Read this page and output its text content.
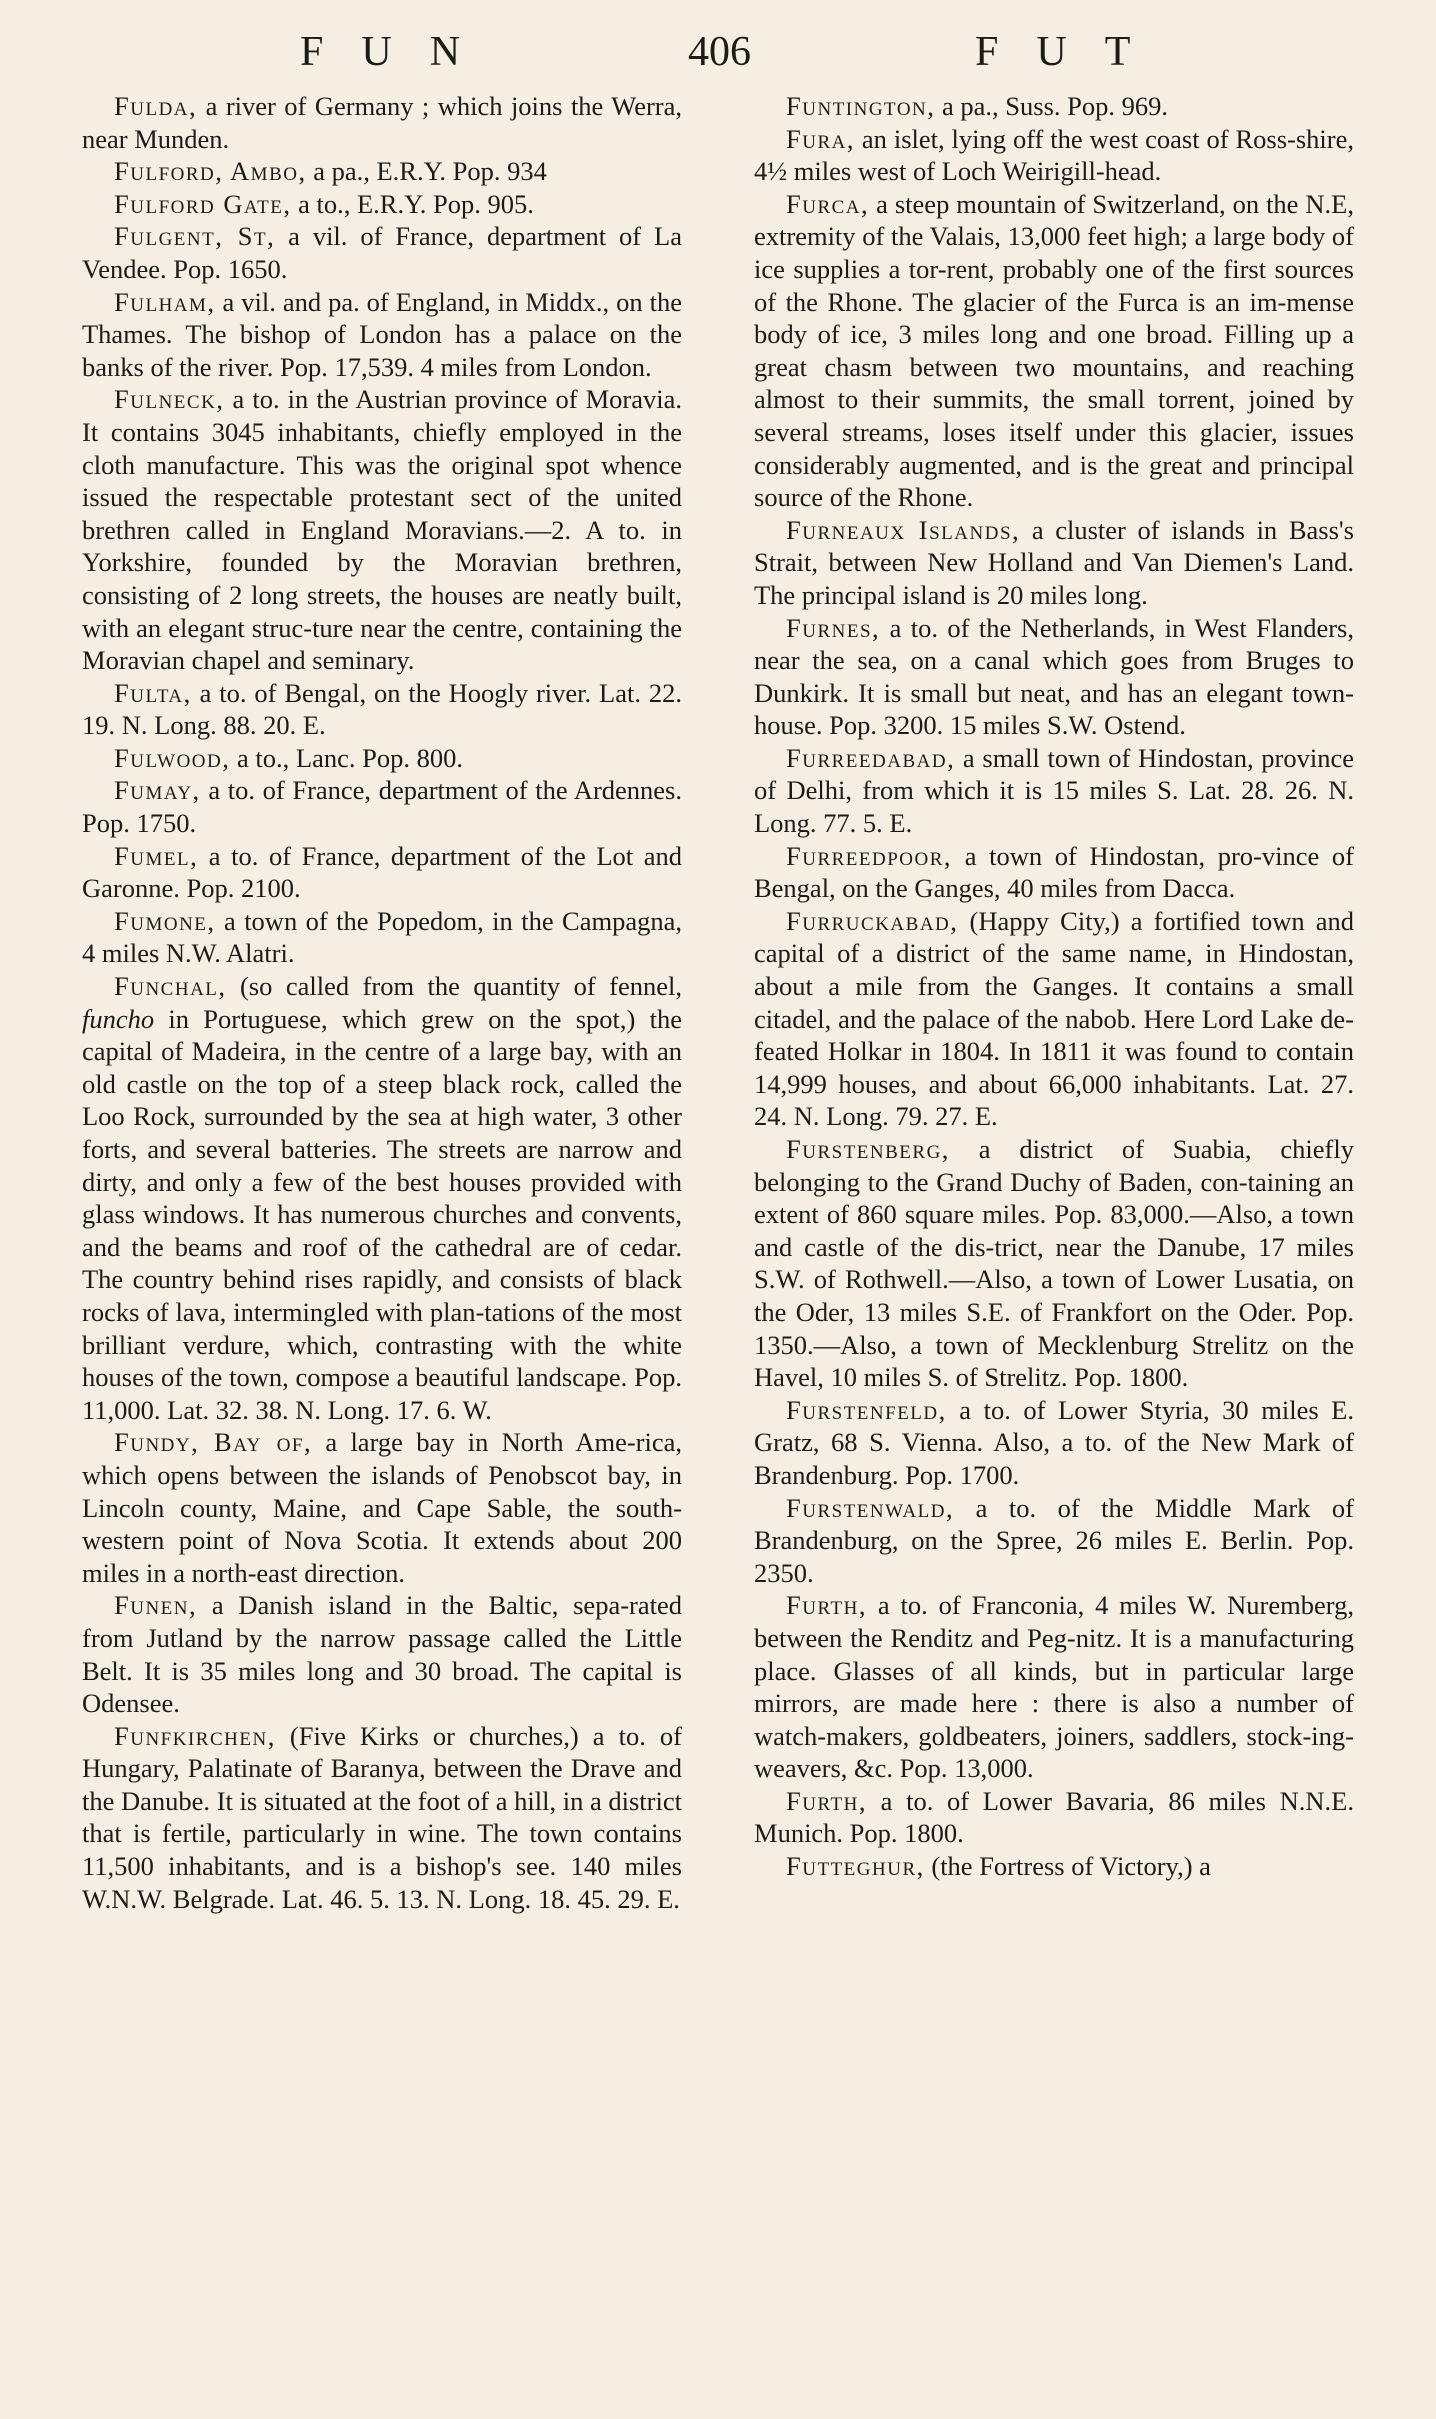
FUN	406	FUT

Fulda, a river of Germany ; which joins the Werra, near Munden.

Fulford, Ambo, a pa., E.R.Y. Pop. 934

Fulford Gate, a to., E.R.Y. Pop. 905.

Fulgent, St, a vil. of France, department of La Vendee. Pop. 1650.

Fulham, a vil. and pa. of England, in Middx., on the Thames. The bishop of London has a palace on the banks of the river. Pop. 17,539. 4 miles from London.

Fulneck, a to. in the Austrian province of Moravia. It contains 3045 inhabitants, chiefly employed in the cloth manufacture. This was the original spot whence issued the respectable protestant sect of the united brethren called in England Moravians.—2. A to. in Yorkshire, founded by the Moravian brethren, consisting of 2 long streets, the houses are neatly built, with an elegant struc-ture near the centre, containing the Moravian chapel and seminary.

Fulta, a to. of Bengal, on the Hoogly river. Lat. 22. 19. N. Long. 88. 20. E.

Fulwood, a to., Lanc. Pop. 800.

Fumay, a to. of France, department of the Ardennes. Pop. 1750.

Fumel, a to. of France, department of the Lot and Garonne. Pop. 2100.

Fumone, a town of the Popedom, in the Campagna, 4 miles N.W. Alatri.

Funchal, (so called from the quantity of fennel, funcho in Portuguese, which grew on the spot,) the capital of Madeira, in the centre of a large bay, with an old castle on the top of a steep black rock, called the Loo Rock, surrounded by the sea at high water, 3 other forts, and several batteries. The streets are narrow and dirty, and only a few of the best houses provided with glass windows. It has numerous churches and convents, and the beams and roof of the cathedral are of cedar. The country behind rises rapidly, and consists of black rocks of lava, intermingled with plan-tations of the most brilliant verdure, which, contrasting with the white houses of the town, compose a beautiful landscape. Pop. 11,000. Lat. 32. 38. N. Long. 17. 6. W.

Fundy, Bay of, a large bay in North Ame-rica, which opens between the islands of Penobscot bay, in Lincoln county, Maine, and Cape Sable, the south-western point of Nova Scotia. It extends about 200 miles in a north-east direction.

Funen, a Danish island in the Baltic, sepa-rated from Jutland by the narrow passage called the Little Belt. It is 35 miles long and 30 broad. The capital is Odensee.

Funfkirchen, (Five Kirks or churches,) a to. of Hungary, Palatinate of Baranya, between the Drave and the Danube. It is situated at the foot of a hill, in a district that is fertile, particularly in wine. The town contains 11,500 inhabitants, and is a bishop's see. 140 miles W.N.W. Belgrade. Lat. 46. 5. 13. N. Long. 18. 45. 29. E.

Funtington, a pa., Suss. Pop. 969.

Fura, an islet, lying off the west coast of Ross-shire, 4½ miles west of Loch Weirigill-head.

Furca, a steep mountain of Switzerland, on the N.E, extremity of the Valais, 13,000 feet high; a large body of ice supplies a tor-rent, probably one of the first sources of the Rhone. The glacier of the Furca is an im-mense body of ice, 3 miles long and one broad. Filling up a great chasm between two mountains, and reaching almost to their summits, the small torrent, joined by several streams, loses itself under this glacier, issues considerably augmented, and is the great and principal source of the Rhone.

Furneaux Islands, a cluster of islands in Bass's Strait, between New Holland and Van Diemen's Land. The principal island is 20 miles long.

Furnes, a to. of the Netherlands, in West Flanders, near the sea, on a canal which goes from Bruges to Dunkirk. It is small but neat, and has an elegant town-house. Pop. 3200. 15 miles S.W. Ostend.

Furreedabad, a small town of Hindostan, province of Delhi, from which it is 15 miles S. Lat. 28. 26. N. Long. 77. 5. E.

Furreedpoor, a town of Hindostan, pro-vince of Bengal, on the Ganges, 40 miles from Dacca.

Furruckabad, (Happy City,) a fortified town and capital of a district of the same name, in Hindostan, about a mile from the Ganges. It contains a small citadel, and the palace of the nabob. Here Lord Lake de-feated Holkar in 1804. In 1811 it was found to contain 14,999 houses, and about 66,000 inhabitants. Lat. 27. 24. N. Long. 79. 27. E.

Furstenberg, a district of Suabia, chiefly belonging to the Grand Duchy of Baden, con-taining an extent of 860 square miles. Pop. 83,000.—Also, a town and castle of the dis-trict, near the Danube, 17 miles S.W. of Rothwell.—Also, a town of Lower Lusatia, on the Oder, 13 miles S.E. of Frankfort on the Oder. Pop. 1350.—Also, a town of Mecklenburg Strelitz on the Havel, 10 miles S. of Strelitz. Pop. 1800.

Furstenfeld, a to. of Lower Styria, 30 miles E. Gratz, 68 S. Vienna. Also, a to. of the New Mark of Brandenburg. Pop. 1700.

Furstenwald, a to. of the Middle Mark of Brandenburg, on the Spree, 26 miles E. Berlin. Pop. 2350.

Furth, a to. of Franconia, 4 miles W. Nuremberg, between the Renditz and Peg-nitz. It is a manufacturing place. Glasses of all kinds, but in particular large mirrors, are made here : there is also a number of watch-makers, goldbeaters, joiners, saddlers, stock-ing-weavers, &c. Pop. 13,000.

Furth, a to. of Lower Bavaria, 86 miles N.N.E. Munich. Pop. 1800.

Futteghur, (the Fortress of Victory,) a
